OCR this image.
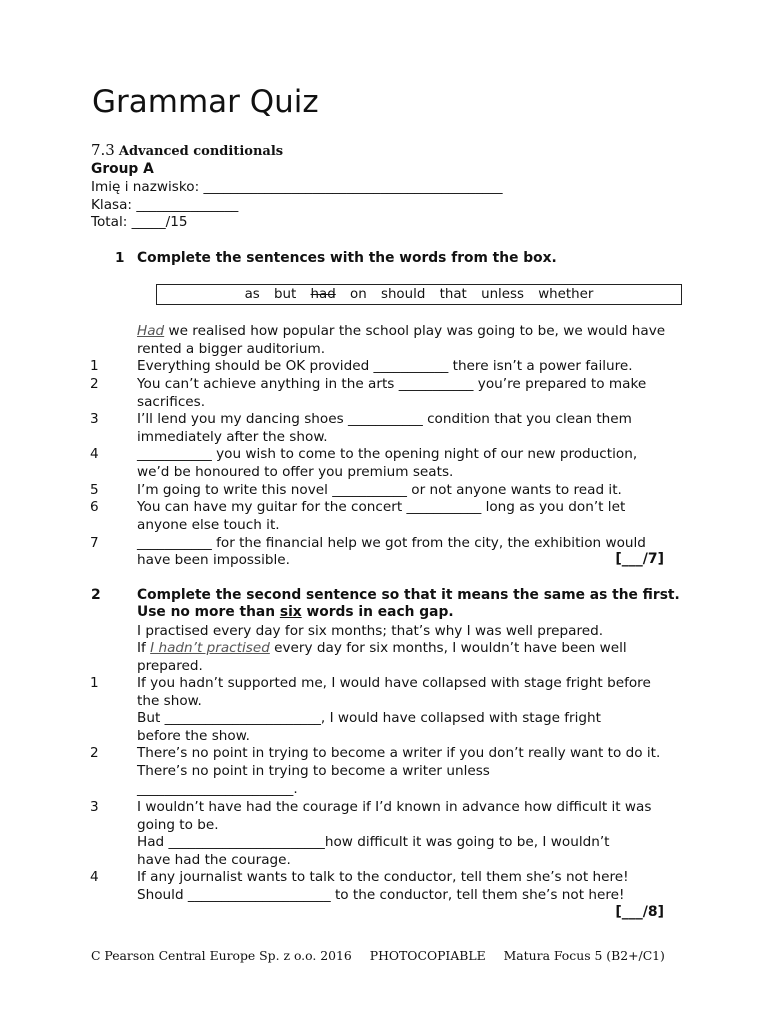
Grammar Quiz
7.3 Advanced conditionals
Group A
Imię i nazwisko: ____________________________________________
Klasa: _______________
Total: _____/15
1 Complete the sentences with the words from the box.
as but had on should that unless whether
Had we realised how popular the school play was going to be, we would have
rented a bigger auditorium.
1	Everything should be OK provided ___________ there isn’t a power failure.
2	You can’t achieve anything in the arts ___________ you’re prepared to make
sacrifices.
3	I’ll lend you my dancing shoes ___________ condition that you clean them
immediately after the show.
4	___________ you wish to come to the opening night of our new production,
we’d be honoured to offer you premium seats.
5	I’m going to write this novel ___________ or not anyone wants to read it.
6	You can have my guitar for the concert ___________ long as you don’t let
anyone else touch it.
7	___________ for the financial help we got from the city, the exhibition would
have been impossible.	[___/7]
2	Complete the second sentence so that it means the same as the first.
Use no more than six words in each gap.
I practised every day for six months; that’s why I was well prepared.
If I hadn’t practised every day for six months, I wouldn’t have been well
prepared.
1	If you hadn’t supported me, I would have collapsed with stage fright before
the show.
But _______________________, I would have collapsed with stage fright
before the show.
2	There’s no point in trying to become a writer if you don’t really want to do it.
There’s no point in trying to become a writer unless
_______________________.
3	I wouldn’t have had the courage if I’d known in advance how difficult it was
going to be.
Had _______________________how difficult it was going to be, I wouldn’t
have had the courage.
4	If any journalist wants to talk to the conductor, tell them she’s not here!
Should _____________________ to the conductor, tell them she’s not here!
[___/8]
C Pearson Central Europe Sp. z o.o. 2016 PHOTOCOPIABLE Matura Focus 5 (B2+/C1)
